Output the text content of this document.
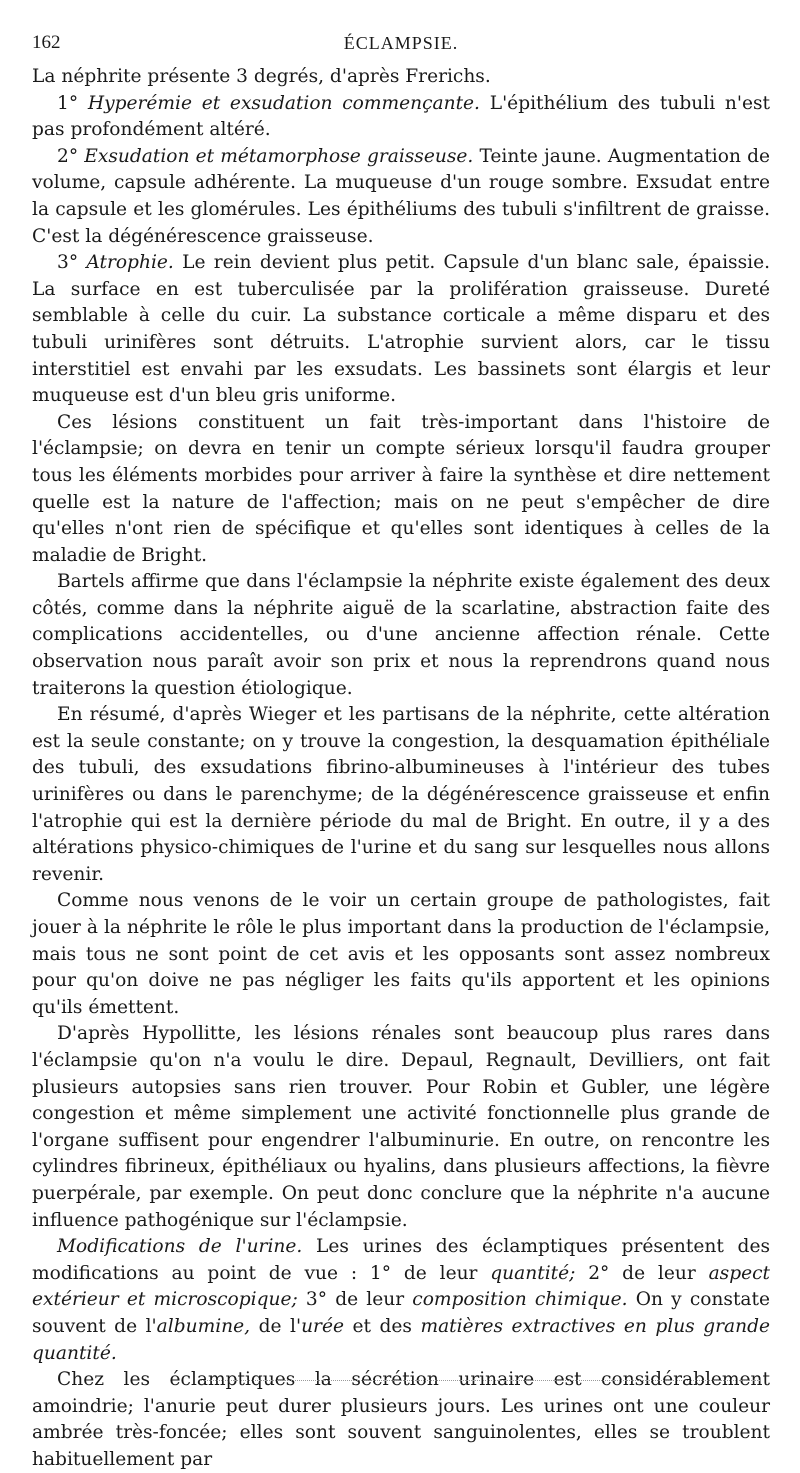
162	ÉCLAMPSIE.

La néphrite présente 3 degrés, d'après Frerichs.

1° Hyperémie et exsudation commençante. L'épithélium des tubuli n'est pas profondément altéré.

2° Exsudation et métamorphose graisseuse. Teinte jaune. Augmentation de volume, capsule adhérente. La muqueuse d'un rouge sombre. Exsudat entre la capsule et les glomérules. Les épithéliums des tubuli s'infiltrent de graisse. C'est la dégénérescence graisseuse.

3° Atrophie. Le rein devient plus petit. Capsule d'un blanc sale, épaissie. La surface en est tuberculisée par la prolifération graisseuse. Dureté semblable à celle du cuir. La substance corticale a même disparu et des tubuli urinifères sont détruits. L'atrophie survient alors, car le tissu interstitiel est envahi par les exsudats. Les bassinets sont élargis et leur muqueuse est d'un bleu gris uniforme.

Ces lésions constituent un fait très-important dans l'histoire de l'éclampsie; on devra en tenir un compte sérieux lorsqu'il faudra grouper tous les éléments morbides pour arriver à faire la synthèse et dire nettement quelle est la nature de l'affection; mais on ne peut s'empêcher de dire qu'elles n'ont rien de spécifique et qu'elles sont identiques à celles de la maladie de Bright.

Bartels affirme que dans l'éclampsie la néphrite existe également des deux côtés, comme dans la néphrite aiguë de la scarlatine, abstraction faite des complications accidentelles, ou d'une ancienne affection rénale. Cette observation nous paraît avoir son prix et nous la reprendrons quand nous traiterons la question étiologique.

En résumé, d'après Wieger et les partisans de la néphrite, cette altération est la seule constante; on y trouve la congestion, la desquamation épithéliale des tubuli, des exsudations fibrino-albumineuses à l'intérieur des tubes urinifères ou dans le parenchyme; de la dégénérescence graisseuse et enfin l'atrophie qui est la dernière période du mal de Bright. En outre, il y a des altérations physico-chimiques de l'urine et du sang sur lesquelles nous allons revenir.

Comme nous venons de le voir un certain groupe de pathologistes, fait jouer à la néphrite le rôle le plus important dans la production de l'éclampsie, mais tous ne sont point de cet avis et les opposants sont assez nombreux pour qu'on doive ne pas négliger les faits qu'ils apportent et les opinions qu'ils émettent.

D'après Hypollitte, les lésions rénales sont beaucoup plus rares dans l'éclampsie qu'on n'a voulu le dire. Depaul, Regnault, Devilliers, ont fait plusieurs autopsies sans rien trouver. Pour Robin et Gubler, une légère congestion et même simplement une activité fonctionnelle plus grande de l'organe suffisent pour engendrer l'albuminurie. En outre, on rencontre les cylindres fibrineux, épithéliaux ou hyalins, dans plusieurs affections, la fièvre puerpérale, par exemple. On peut donc conclure que la néphrite n'a aucune influence pathogénique sur l'éclampsie.

Modifications de l'urine. Les urines des éclamptiques présentent des modifications au point de vue : 1° de leur quantité; 2° de leur aspect extérieur et microscopique; 3° de leur composition chimique. On y constate souvent de l'albumine, de l'urée et des matières extractives en plus grande quantité.

Chez les éclamptiques la sécrétion urinaire est considérablement amoindrie; l'anurie peut durer plusieurs jours. Les urines ont une couleur ambrée très-foncée; elles sont souvent sanguinolentes, elles se troublent habituellement par
